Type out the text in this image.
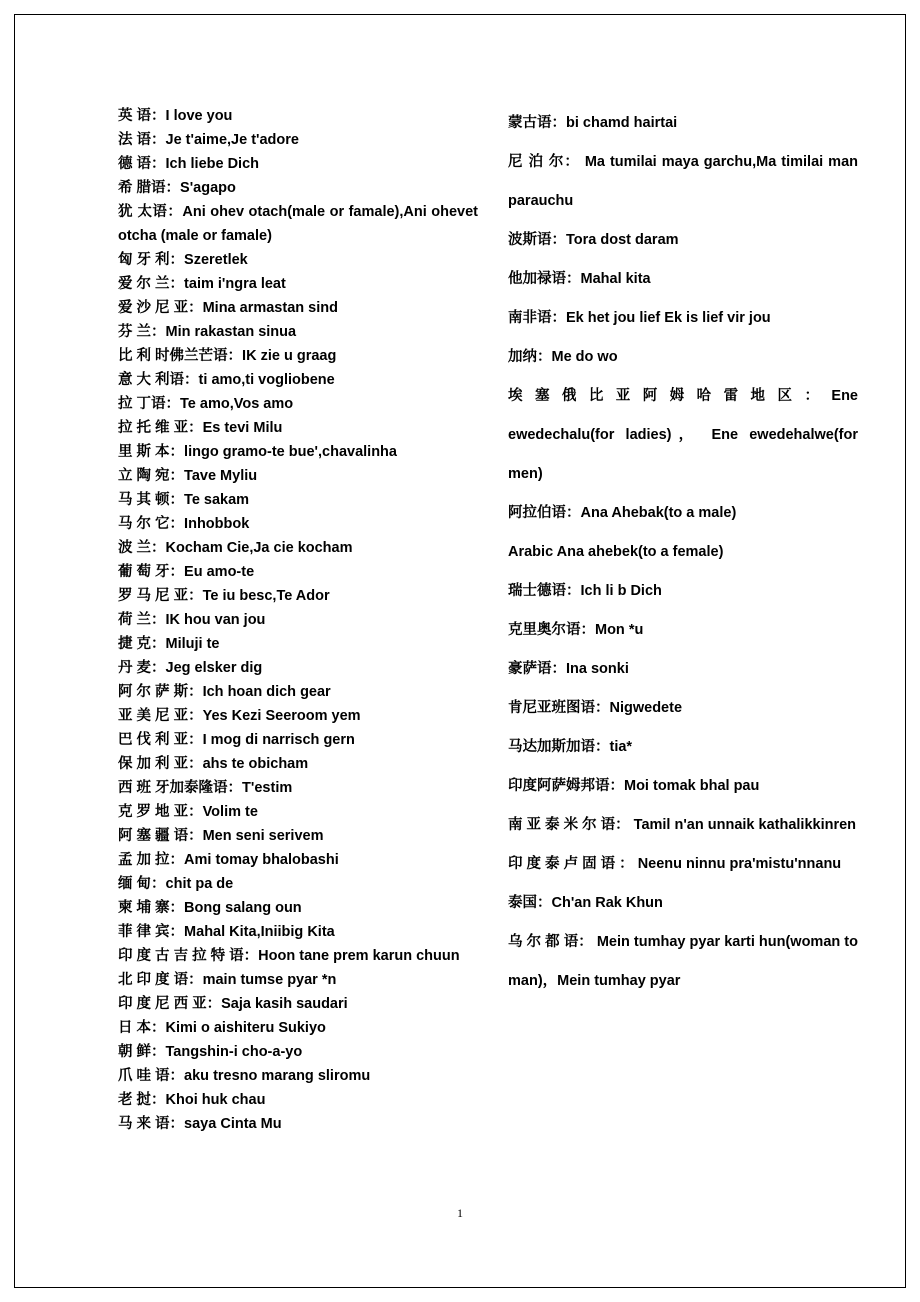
英 语：I love you

法 语：Je t'aime,Je t'adore

德 语：Ich liebe Dich

希 腊语：S'agapo

犹 太语：Ani ohev otach(male or famale),Ani ohevet otcha (male or famale)

匈 牙 利：Szeretlek

爱 尔 兰：taim i'ngra leat

爱 沙 尼 亚：Mina armastan sind

芬 兰：Min rakastan sinua

比 利 时佛兰芒语：IK zie u graag

意 大 利语：ti amo,ti vogliobene

拉 丁语：Te amo,Vos amo

拉 托 维 亚：Es tevi Milu

里 斯 本：lingo gramo-te bue',chavalinha

立 陶 宛：Tave Myliu

马 其 顿：Te sakam

马 尔 它：Inhobbok

波 兰：Kocham Cie,Ja cie kocham

葡 萄 牙：Eu amo-te

罗 马 尼 亚：Te iu besc,Te Ador

荷 兰：IK hou van jou

捷 克：Miluji te

丹 麦：Jeg elsker dig

阿 尔 萨 斯：Ich hoan dich gear

亚 美 尼 亚：Yes Kezi Seeroom yem

巴 伐 利 亚：I mog di narrisch gern

保 加 利 亚：ahs te obicham

西 班 牙加泰隆语：T'estim

克 罗 地 亚：Volim te

阿 塞 疆 语：Men seni serivem

孟 加 拉：Ami tomay bhalobashi

缅 甸：chit pa de

柬 埔 寨：Bong salang oun

菲 律 宾：Mahal Kita,Iniibig Kita

印 度 古 吉 拉 特 语：Hoon tane prem karun chuun

北 印 度 语：main tumse pyar *n

印 度 尼 西 亚：Saja kasih saudari

日 本：Kimi o aishiteru Sukiyo

朝 鲜：Tangshin-i cho-a-yo

爪 哇 语：aku tresno marang sliromu

老 挝：Khoi huk chau

马 来 语：saya Cinta Mu

蒙古语：bi chamd hairtai

尼 泊 尔： Ma tumilai maya garchu,Ma timilai man parauchu

波斯语：Tora dost daram

他加禄语：Mahal kita

南非语：Ek het jou lief Ek is lief vir jou

加纳：Me do wo

埃 塞 俄 比 亚 阿 姆 哈 雷 地 区 ： Ene ewedechalu(for ladies)， Ene ewedehalwe(for men)

阿拉伯语：Ana Ahebak(to a male)

Arabic Ana ahebek(to a female)

瑞士德语：Ich li b Dich

克里奥尔语：Mon *u

豪萨语：Ina sonki

肯尼亚班图语：Nigwedete

马达加斯加语：tia*

印度阿萨姆邦语：Moi tomak bhal pau

南 亚 泰 米 尔 语： Tamil n'an unnaik kathalikkinren

印 度 泰 卢 固 语 ： Neenu ninnu pra'mistu'nnanu

泰国：Ch'an Rak Khun

乌 尔 都 语： Mein tumhay pyar karti hun(woman to man)，Mein tumhay pyar

1
